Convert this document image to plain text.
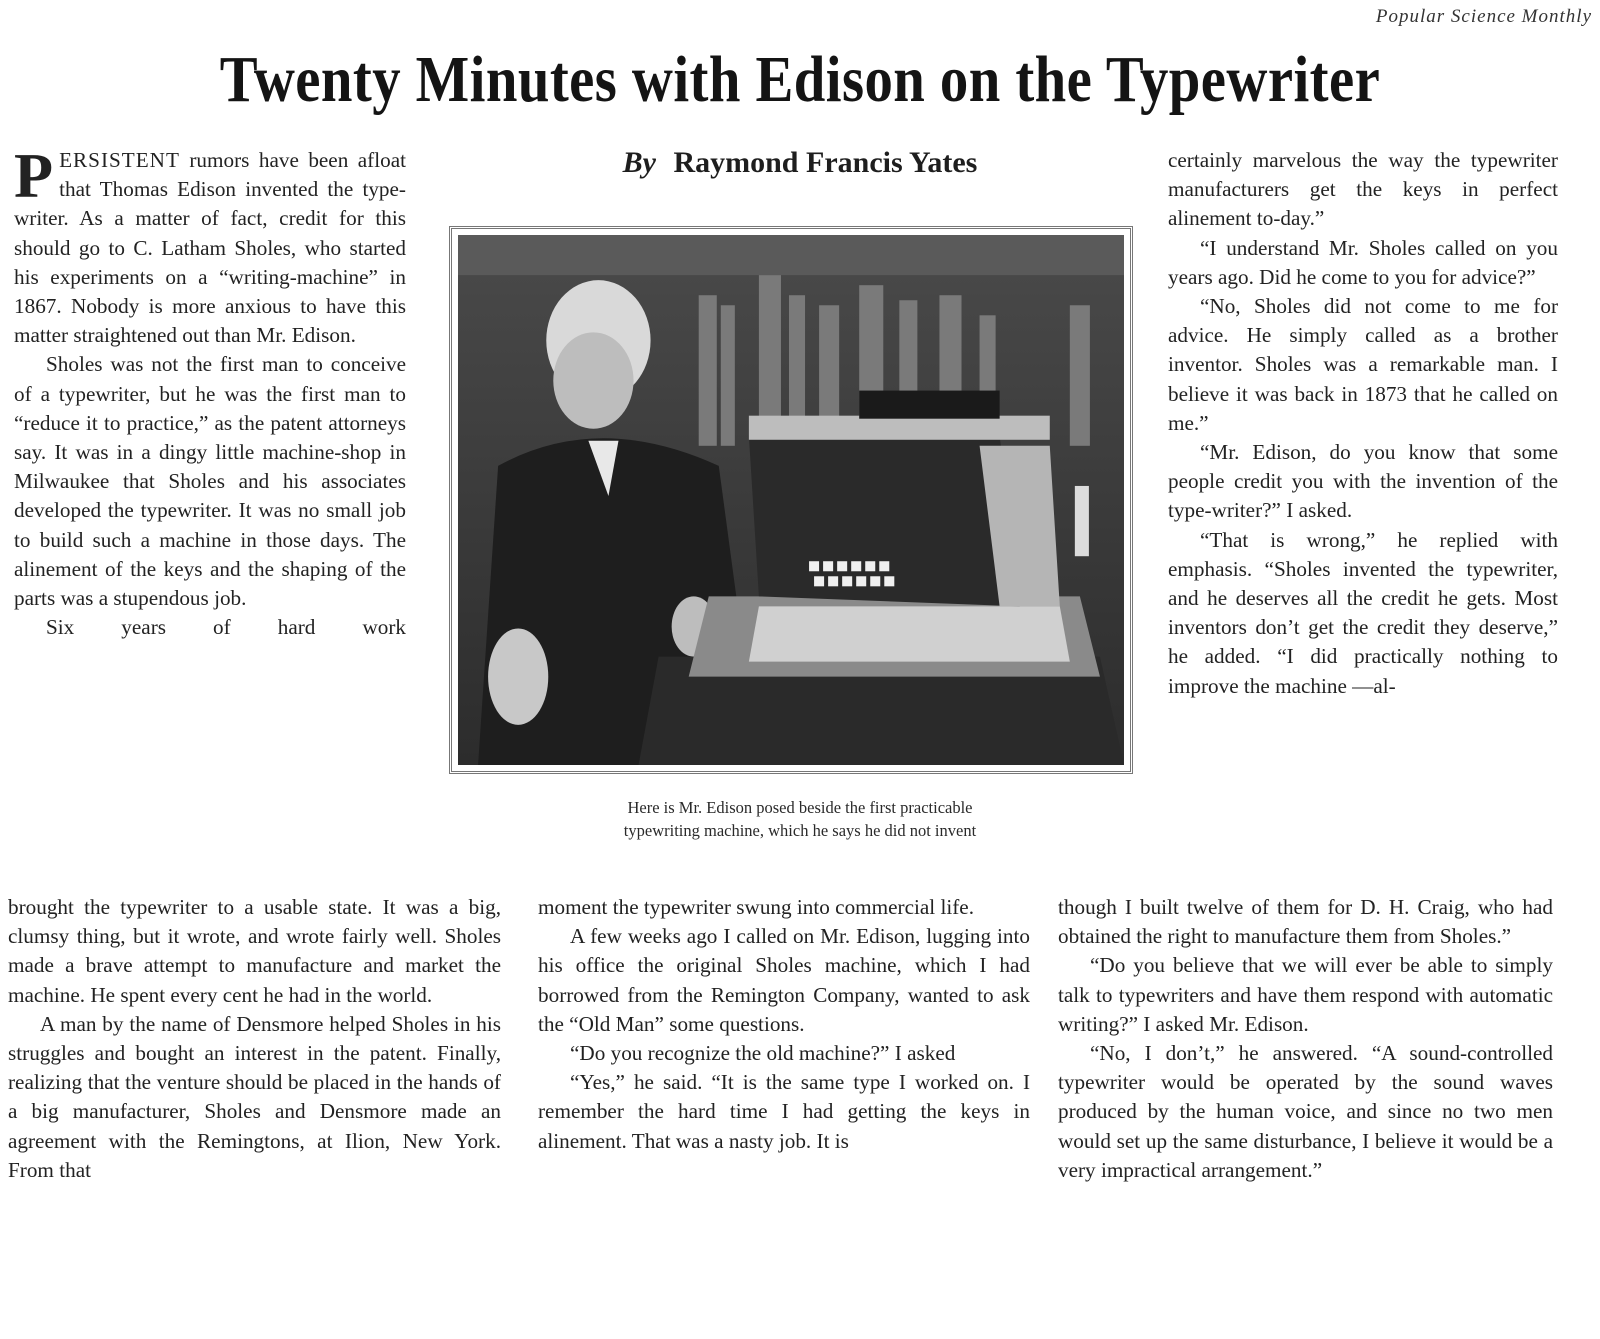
Popular Science Monthly
Twenty Minutes with Edison on the Typewriter
By Raymond Francis Yates

PERSISTENT rumors have been afloat that Thomas Edison invented the type-writer. As a matter of fact, credit for this should go to C. Latham Sholes, who started his experiments on a “writing-machine” in 1867. Nobody is more anxious to have this matter straightened out than Mr. Edison.

Sholes was not the first man to conceive of a typewriter, but he was the first man to “reduce it to practice,” as the patent attorneys say. It was in a dingy little machine-shop in Milwaukee that Sholes and his associates developed the typewriter. It was no small job to build such a machine in those days. The alinement of the keys and the shaping of the parts was a stupendous job.

Six years of hard work

Here is Mr. Edison posed beside the first practicable
typewriting machine, which he says he did not invent

certainly marvelous the way the typewriter manufacturers get the keys in perfect alinement to-day.”

“I understand Mr. Sholes called on you years ago. Did he come to you for advice?”

“No, Sholes did not come to me for advice. He simply called as a brother inventor. Sholes was a remarkable man. I believe it was back in 1873 that he called on me.”

“Mr. Edison, do you know that some people credit you with the invention of the type-writer?” I asked.

“That is wrong,” he replied with emphasis. “Sholes invented the typewriter, and he deserves all the credit he gets. Most inventors don’t get the credit they deserve,” he added. “I did practically nothing to improve the machine —al-

brought the typewriter to a usable state. It was a big, clumsy thing, but it wrote, and wrote fairly well. Sholes made a brave attempt to manufacture and market the machine. He spent every cent he had in the world.

A man by the name of Densmore helped Sholes in his struggles and bought an interest in the patent. Finally, realizing that the venture should be placed in the hands of a big manufacturer, Sholes and Densmore made an agreement with the Remingtons, at Ilion, New York. From that

moment the typewriter swung into commercial life.

A few weeks ago I called on Mr. Edison, lugging into his office the original Sholes machine, which I had borrowed from the Remington Company, wanted to ask the “Old Man” some questions.

“Do you recognize the old machine?” I asked

“Yes,” he said. “It is the same type I worked on. I remember the hard time I had getting the keys in alinement. That was a nasty job. It is

though I built twelve of them for D. H. Craig, who had obtained the right to manufacture them from Sholes.”

“Do you believe that we will ever be able to simply talk to typewriters and have them respond with automatic writing?” I asked Mr. Edison.

“No, I don’t,” he answered. “A sound-controlled typewriter would be operated by the sound waves produced by the human voice, and since no two men would set up the same disturbance, I believe it would be a very impractical arrangement.”
